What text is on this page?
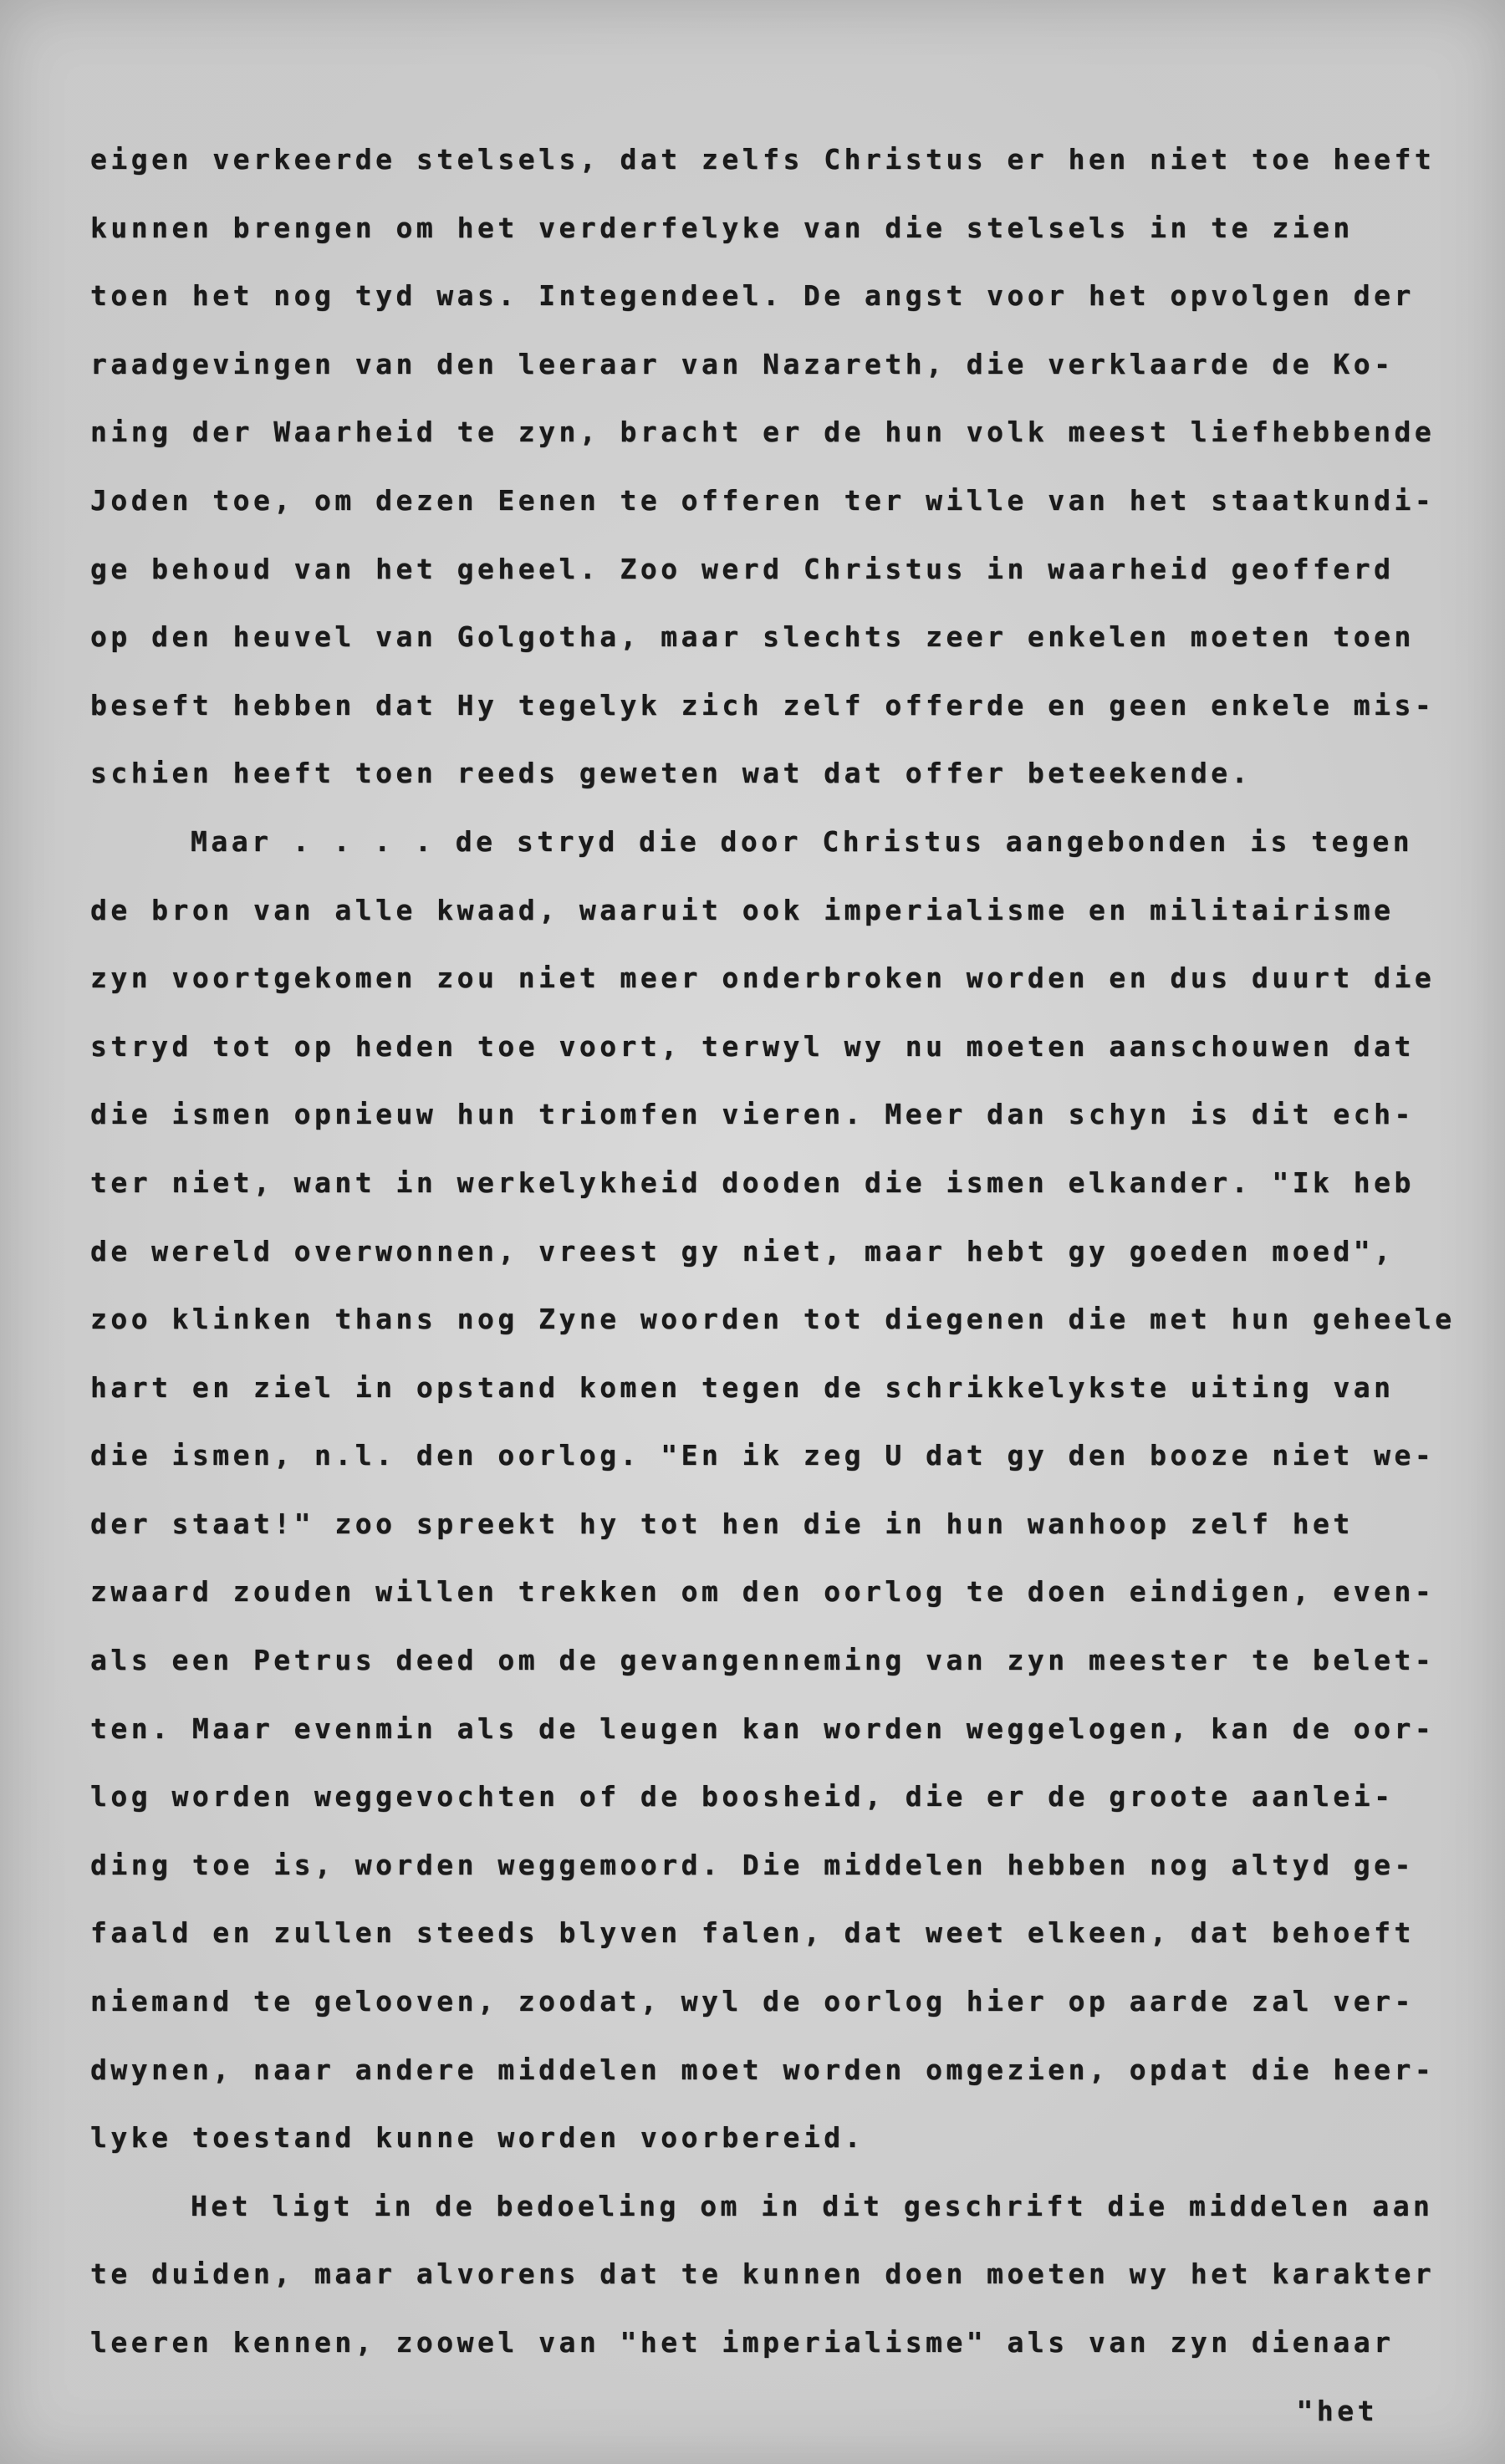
eigen verkeerde stelsels, dat zelfs Christus er hen niet toe heeft
kunnen brengen om het verderfelyke van die stelsels in te zien
toen het nog tyd was. Integendeel. De angst voor het opvolgen der
raadgevingen van den leeraar van Nazareth, die verklaarde de Ko-
ning der Waarheid te zyn, bracht er de hun volk meest liefhebbende
Joden toe, om dezen Eenen te offeren ter wille van het staatkundi-
ge behoud van het geheel. Zoo werd Christus in waarheid geofferd
op den heuvel van Golgotha, maar slechts zeer enkelen moeten toen
beseft hebben dat Hy tegelyk zich zelf offerde en geen enkele mis-
schien heeft toen reeds geweten wat dat offer beteekende.
Maar . . . . de stryd die door Christus aangebonden is tegen
de bron van alle kwaad, waaruit ook imperialisme en militairisme
zyn voortgekomen zou niet meer onderbroken worden en dus duurt die
stryd tot op heden toe voort, terwyl wy nu moeten aanschouwen dat
die ismen opnieuw hun triomfen vieren. Meer dan schyn is dit ech-
ter niet, want in werkelykheid dooden die ismen elkander. "Ik heb
de wereld overwonnen, vreest gy niet, maar hebt gy goeden moed",
zoo klinken thans nog Zyne woorden tot diegenen die met hun geheele
hart en ziel in opstand komen tegen de schrikkelykste uiting van
die ismen, n.l. den oorlog. "En ik zeg U dat gy den booze niet we-
der staat!" zoo spreekt hy tot hen die in hun wanhoop zelf het
zwaard zouden willen trekken om den oorlog te doen eindigen, even-
als een Petrus deed om de gevangenneming van zyn meester te belet-
ten. Maar evenmin als de leugen kan worden weggelogen, kan de oor-
log worden weggevochten of de boosheid, die er de groote aanlei-
ding toe is, worden weggemoord. Die middelen hebben nog altyd ge-
faald en zullen steeds blyven falen, dat weet elkeen, dat behoeft
niemand te gelooven, zoodat, wyl de oorlog hier op aarde zal ver-
dwynen, naar andere middelen moet worden omgezien, opdat die heer-
lyke toestand kunne worden voorbereid.
Het ligt in de bedoeling om in dit geschrift die middelen aan
te duiden, maar alvorens dat te kunnen doen moeten wy het karakter
leeren kennen, zoowel van "het imperialisme" als van zyn dienaar
"het
